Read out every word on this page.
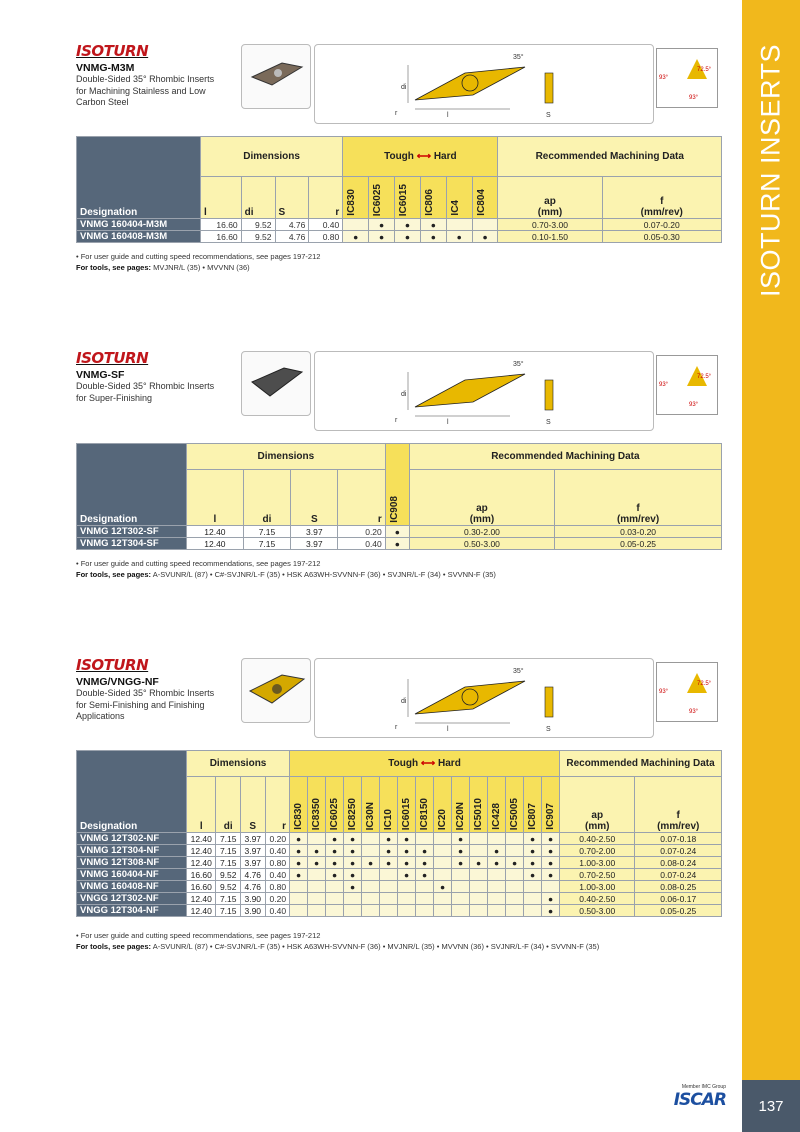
ISOTURN INSERTS
137
Member IMC Group
ISCAR
ISOTURN
VNMG-M3M
Double-Sided 35° Rhombic Inserts for Machining Stainless and Low Carbon Steel
35°
di
l
r	S
72.5°
93°
93°
Designation	Dimensions				Tough ⟷ Hard						Recommended Machining Data	
	l	di	S	r	IC830	IC6025	IC6015	IC806	IC4	IC804	ap
(mm)	f
(mm/rev)
VNMG 160404-M3M	16.60	9.52	4.76	0.40		●	●	●			0.70-3.00	0.07-0.20
VNMG 160408-M3M	16.60	9.52	4.76	0.80	●	●	●	●	●	●	0.10-1.50	0.05-0.30
• For user guide and cutting speed recommendations, see pages 197-212
For tools, see pages: MVJNR/L (35) • MVVNN (36)
ISOTURN
VNMG-SF
Double-Sided 35° Rhombic Inserts for Super-Finishing
35°
di
l
r	S
72.5°
93°
93°
Designation	Dimensions				IC908	Recommended Machining Data	
	l	di	S	r		ap
(mm)	f
(mm/rev)
VNMG 12T302-SF	12.40	7.15	3.97	0.20	●	0.30-2.00	0.03-0.20
VNMG 12T304-SF	12.40	7.15	3.97	0.40	●	0.50-3.00	0.05-0.25
• For user guide and cutting speed recommendations, see pages 197-212
For tools, see pages: A-SVUNR/L (87) • C#-SVJNR/L-F (35) • HSK A63WH-SVVNN-F (36) • SVJNR/L-F (34) • SVVNN-F (35)
ISOTURN
VNMG/VNGG-NF
Double-Sided 35° Rhombic Inserts for Semi-Finishing and Finishing Applications
35°
di
l
r	S
72.5°
93°
93°
Designation	Dimensions				Tough ⟷ Hard															Recommended Machining Data	
	l	di	S	r	IC830	IC8350	IC6025	IC8250	IC30N	IC10	IC6015	IC8150	IC20	IC20N	IC5010	IC428	IC5005	IC807	IC907	ap
(mm)	f
(mm/rev)
VNMG 12T302-NF	12.40	7.15	3.97	0.20	●		●	●		●	●			●				●	●	0.40-2.50	0.07-0.18
VNMG 12T304-NF	12.40	7.15	3.97	0.40	●	●	●	●		●	●	●		●		●		●	●	0.70-2.00	0.07-0.24
VNMG 12T308-NF	12.40	7.15	3.97	0.80	●	●	●	●	●	●	●	●		●	●	●	●	●	●	1.00-3.00	0.08-0.24
VNMG 160404-NF	16.60	9.52	4.76	0.40	●		●	●			●	●						●	●	0.70-2.50	0.07-0.24
VNMG 160408-NF	16.60	9.52	4.76	0.80				●					●							1.00-3.00	0.08-0.25
VNGG 12T302-NF	12.40	7.15	3.90	0.20															●	0.40-2.50	0.06-0.17
VNGG 12T304-NF	12.40	7.15	3.90	0.40															●	0.50-3.00	0.05-0.25
• For user guide and cutting speed recommendations, see pages 197-212
For tools, see pages: A-SVUNR/L (87) • C#-SVJNR/L-F (35) • HSK A63WH-SVVNN-F (36) • MVJNR/L (35) • MVVNN (36) • SVJNR/L-F (34) • SVVNN-F (35)
